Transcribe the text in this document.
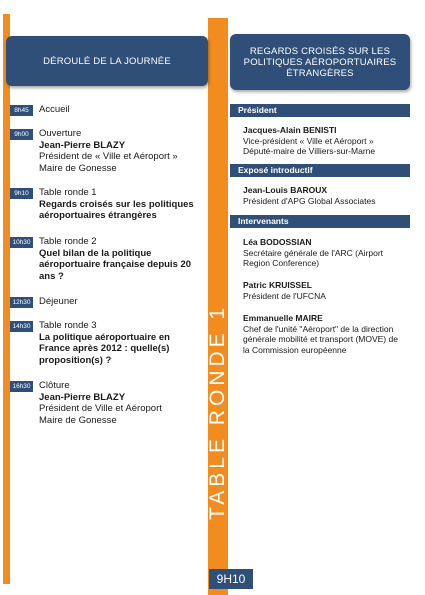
DÉROULÉ DE LA JOURNÉE
REGARDS CROISÉS SUR LES
POLITIQUES AÉROPORTUAIRES
ÉTRANGÈRES
TABLE RONDE 1
9H10
8h45	Accueil
9h00	Ouverture
Jean-Pierre BLAZY
Président de « Ville et Aéroport »
Maire de Gonesse
9h10	Table ronde 1
Regards croisés sur les politiques
aéroportuaires étrangères
10h30 Table ronde 2
Quel bilan de la politique
aéroportuaire française depuis 20
ans ?
12h30 Déjeuner
14h30 Table ronde 3
La politique aéroportuaire en
France après 2012 : quelle(s)
proposition(s) ?
16h30 Clôture
Jean-Pierre BLAZY
Président de Ville et Aéroport
Maire de Gonesse
Président
Jacques-Alain BENISTI
Vice-président « Ville et Aéroport »
Député-maire de Villiers-sur-Marne
Exposé introductif
Jean-Louis BAROUX
Président d'APG Global Associates
Intervenants
Léa BODOSSIAN
Secrétaire générale de l'ARC (Airport
Region Conference)
Patric KRUISSEL
Président de l'UFCNA
Emmanuelle MAIRE
Chef de l'unité "Aéroport" de la direction
générale mobilité et transport (MOVE) de
la Commission européenne
